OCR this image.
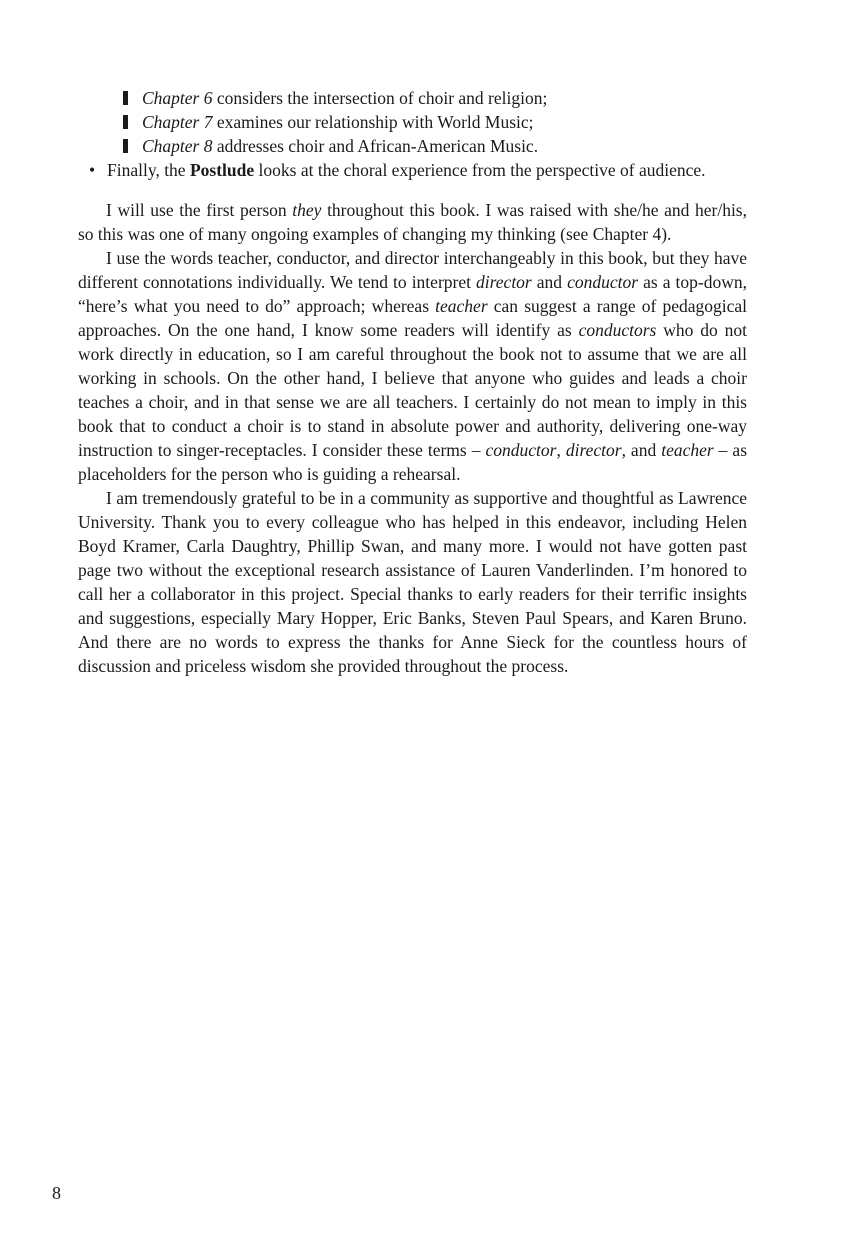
Chapter 6 considers the intersection of choir and religion;
Chapter 7 examines our relationship with World Music;
Chapter 8 addresses choir and African-American Music.
• Finally, the Postlude looks at the choral experience from the perspective of audience.

I will use the first person they throughout this book. I was raised with she/he and her/his, so this was one of many ongoing examples of changing my thinking (see Chapter 4).

I use the words teacher, conductor, and director interchangeably in this book, but they have different connotations individually. We tend to interpret director and conductor as a top-down, “here’s what you need to do” approach; whereas teacher can suggest a range of pedagogical approaches. On the one hand, I know some readers will identify as conductors who do not work directly in education, so I am careful throughout the book not to assume that we are all working in schools. On the other hand, I believe that anyone who guides and leads a choir teaches a choir, and in that sense we are all teachers. I certainly do not mean to imply in this book that to conduct a choir is to stand in absolute power and authority, delivering one-way instruction to singer-receptacles. I consider these terms – conductor, director, and teacher – as placeholders for the person who is guiding a rehearsal.

I am tremendously grateful to be in a community as supportive and thoughtful as Lawrence University. Thank you to every colleague who has helped in this endeavor, including Helen Boyd Kramer, Carla Daughtry, Phillip Swan, and many more. I would not have gotten past page two without the exceptional research assistance of Lauren Vanderlinden. I’m honored to call her a collaborator in this project. Special thanks to early readers for their terrific insights and suggestions, especially Mary Hopper, Eric Banks, Steven Paul Spears, and Karen Bruno. And there are no words to express the thanks for Anne Sieck for the countless hours of discussion and priceless wisdom she provided throughout the process.

8
